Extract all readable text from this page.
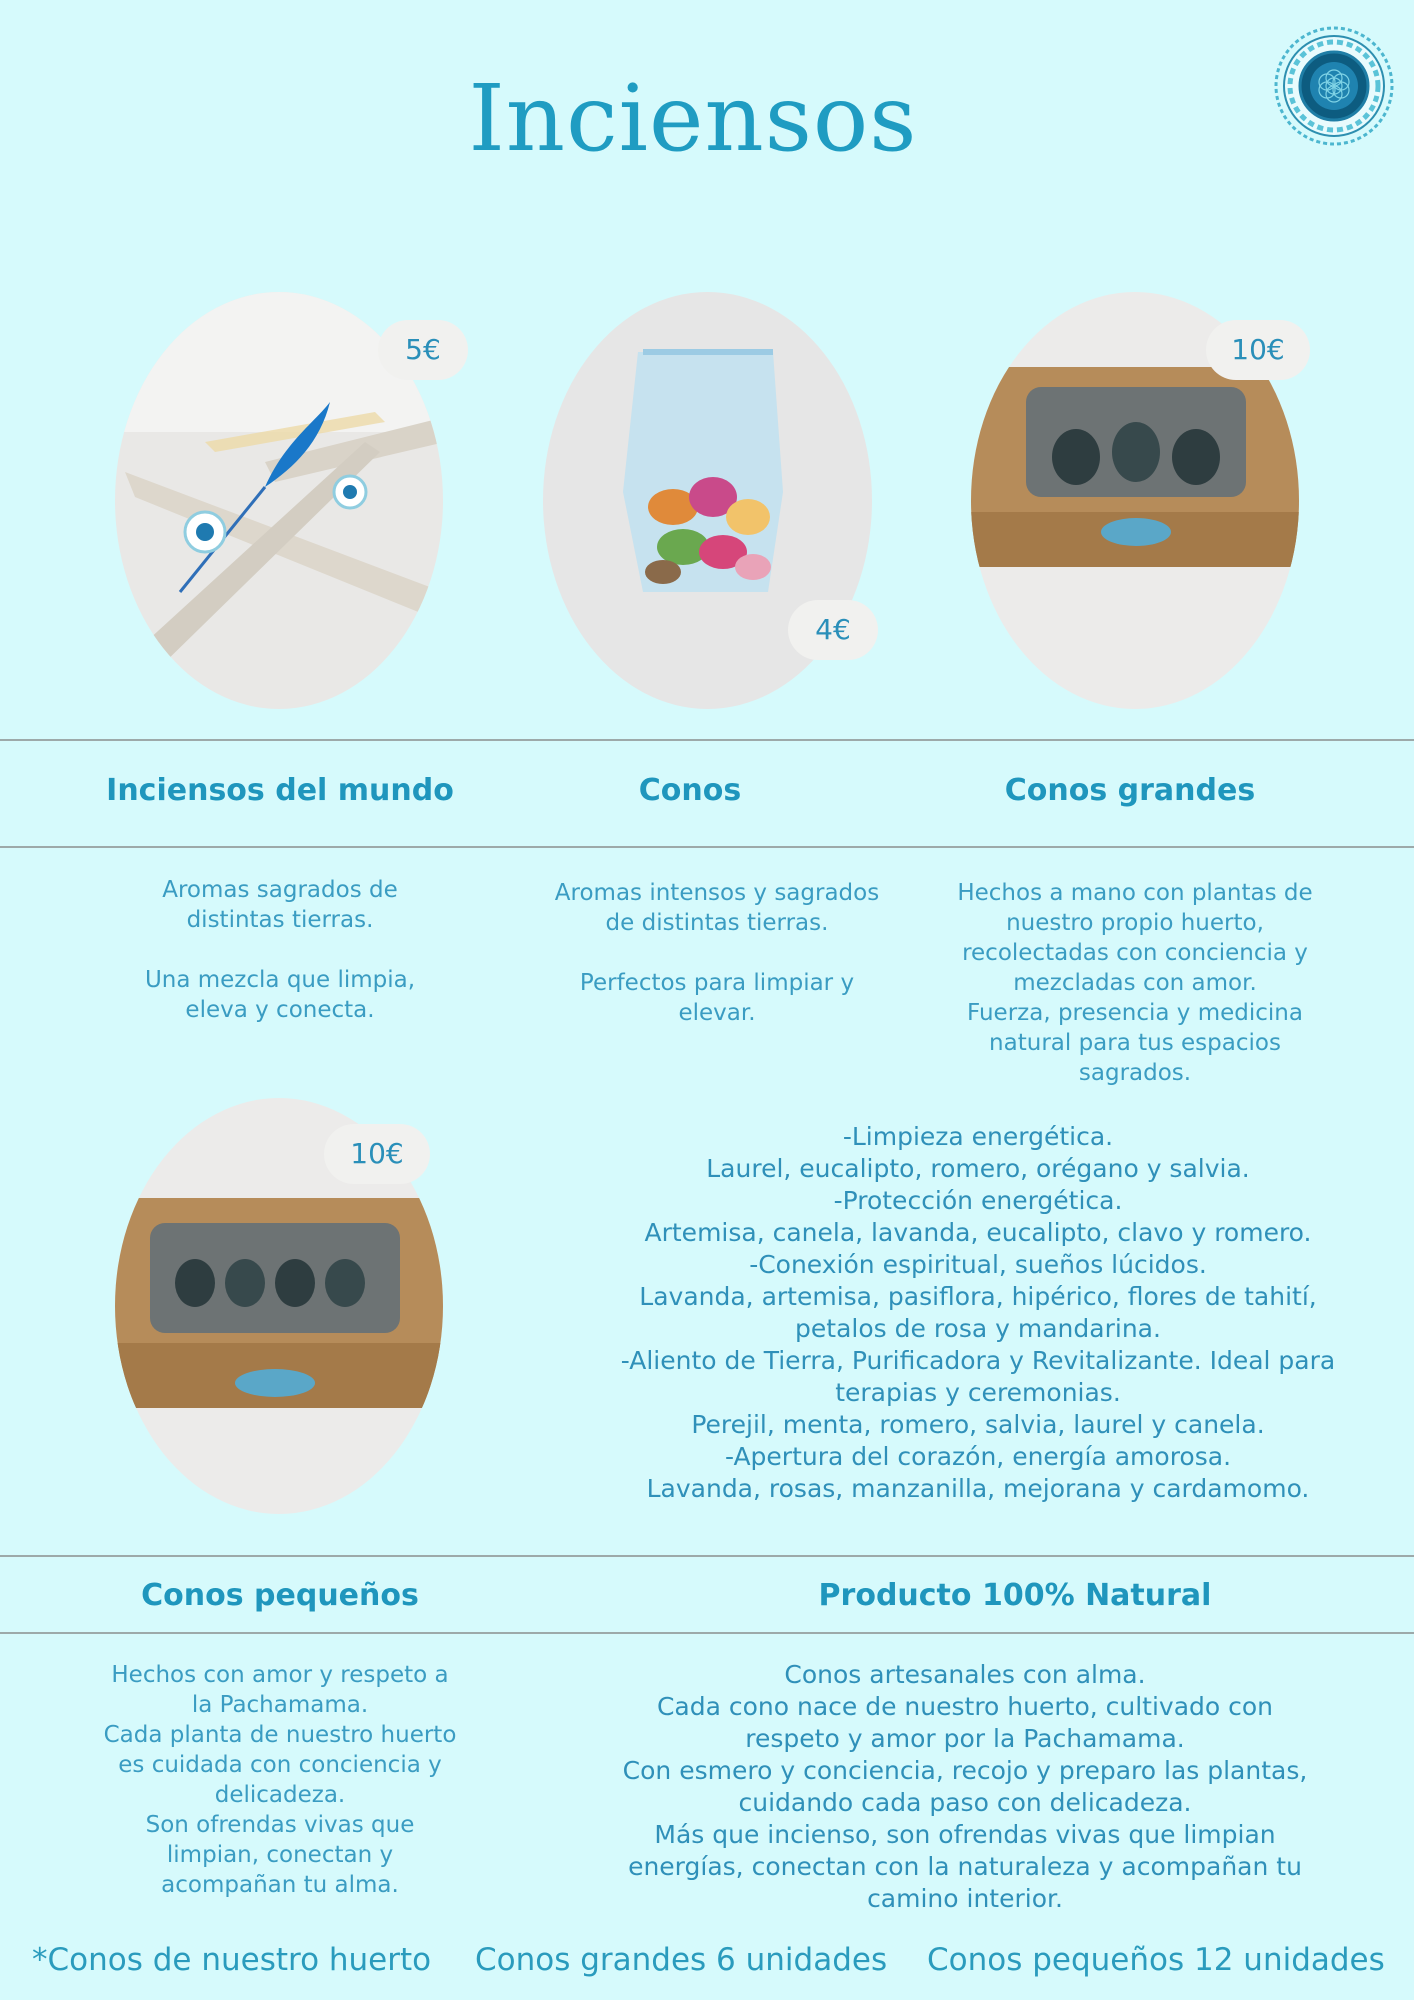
Inciensos
5€
4€
10€
Inciensos del mundo	Conos	Conos grandes
Aromas sagrados de
distintas tierras.

Una mezcla que limpia,
eleva y conecta.
Aromas intensos y sagrados
de distintas tierras.

Perfectos para limpiar y
elevar.
Hechos a mano con plantas de
nuestro propio huerto,
recolectadas con conciencia y
mezcladas con amor.
Fuerza, presencia y medicina
natural para tus espacios
sagrados.
10€
-Limpieza energética.
Laurel, eucalipto, romero, orégano y salvia.
-Protección energética.
Artemisa, canela, lavanda, eucalipto, clavo y romero.
-Conexión espiritual, sueños lúcidos.
Lavanda, artemisa, pasiflora, hipérico, flores de tahití,
petalos de rosa y mandarina.
-Aliento de Tierra, Purificadora y Revitalizante. Ideal para
terapias y ceremonias.
Perejil, menta, romero, salvia, laurel y canela.
-Apertura del corazón, energía amorosa.
Lavanda, rosas, manzanilla, mejorana y cardamomo.
Conos pequeños	Producto 100% Natural
Hechos con amor y respeto a
la Pachamama.
Cada planta de nuestro huerto
es cuidada con conciencia y
delicadeza.
Son ofrendas vivas que
limpian, conectan y
acompañan tu alma.
Conos artesanales con alma.
Cada cono nace de nuestro huerto, cultivado con
respeto y amor por la Pachamama.
Con esmero y conciencia, recojo y preparo las plantas,
cuidando cada paso con delicadeza.
Más que incienso, son ofrendas vivas que limpian
energías, conectan con la naturaleza y acompañan tu
camino interior.
*Conos de nuestro huerto Conos grandes 6 unidades Conos pequeños 12 unidades
